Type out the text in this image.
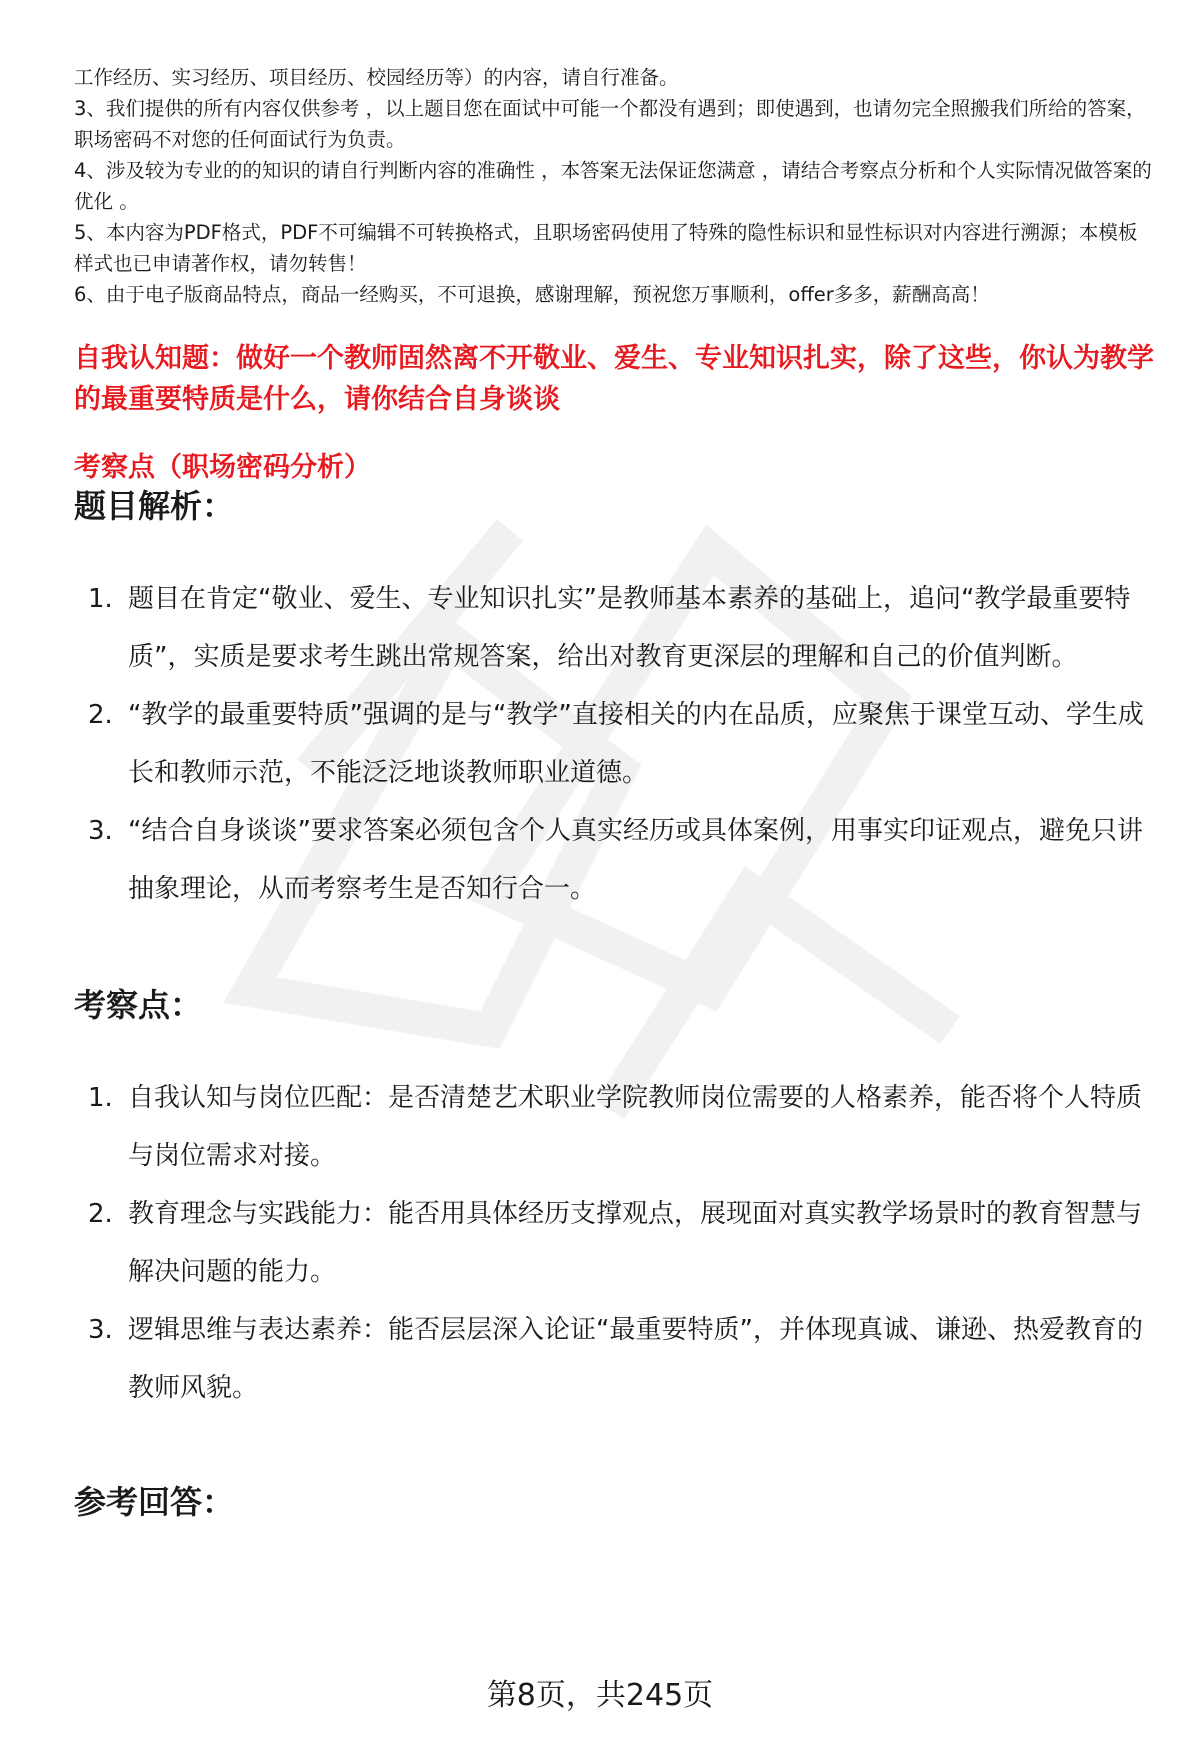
工作经历、实习经历、项目经历、校园经历等）的内容，请自行准备。

3、我们提供的所有内容仅供参考 ，以上题目您在面试中可能一个都没有遇到；即使遇到，也请勿完全照搬我们所给的答案，职场密码不对您的任何面试行为负责。

4、涉及较为专业的的知识的请自行判断内容的准确性 ，本答案无法保证您满意 ，请结合考察点分析和个人实际情况做答案的优化 。

5、本内容为PDF格式，PDF不可编辑不可转换格式，且职场密码使用了特殊的隐性标识和显性标识对内容进行溯源；本模板样式也已申请著作权，请勿转售！

6、由于电子版商品特点，商品一经购买，不可退换，感谢理解，预祝您万事顺利，offer多多，薪酬高高！

自我认知题：做好一个教师固然离不开敬业、爱生、专业知识扎实，除了这些，你认为教学的最重要特质是什么，请你结合自身谈谈
考察点（职场密码分析）
题目解析：
1. 题目在肯定“敬业、爱生、专业知识扎实”是教师基本素养的基础上，追问“教学最重要特质”，实质是要求考生跳出常规答案，给出对教育更深层的理解和自己的价值判断。
2. “教学的最重要特质”强调的是与“教学”直接相关的内在品质，应聚焦于课堂互动、学生成长和教师示范，不能泛泛地谈教师职业道德。
3. “结合自身谈谈”要求答案必须包含个人真实经历或具体案例，用事实印证观点，避免只讲抽象理论，从而考察考生是否知行合一。
考察点：
1. 自我认知与岗位匹配：是否清楚艺术职业学院教师岗位需要的人格素养，能否将个人特质与岗位需求对接。
2. 教育理念与实践能力：能否用具体经历支撑观点，展现面对真实教学场景时的教育智慧与解决问题的能力。
3. 逻辑思维与表达素养：能否层层深入论证“最重要特质”，并体现真诚、谦逊、热爱教育的教师风貌。
参考回答：
第8页，共245页
